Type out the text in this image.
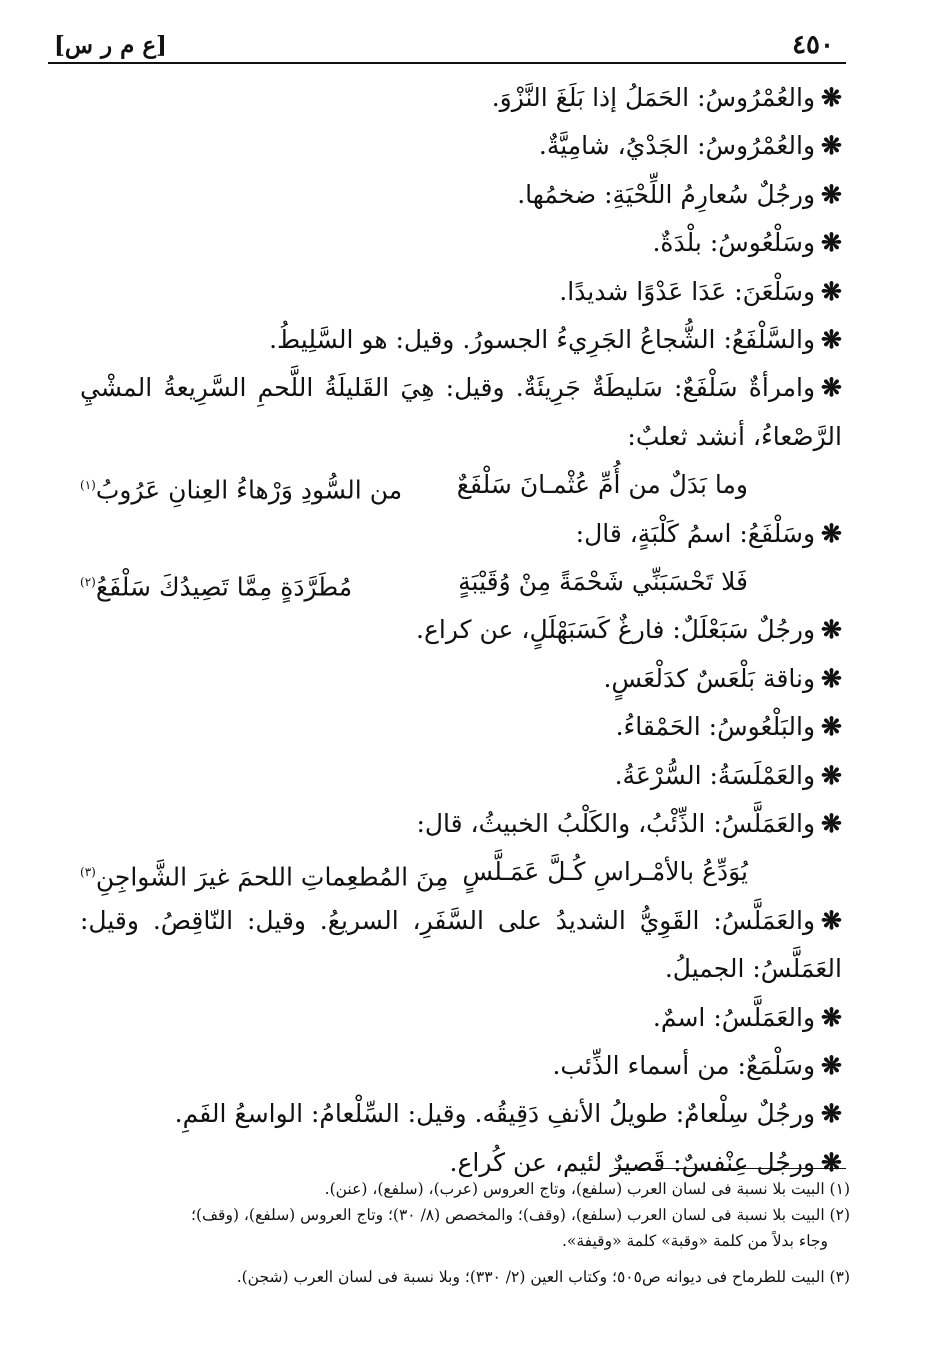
٤٥٠
[ع م ر س]

❋والعُمْرُوسُ: الحَمَلُ إذا بَلَغَ النَّزْوَ.

❋والعُمْرُوسُ: الجَدْيُ، شامِيَّةٌ.

❋ورجُلٌ سُعارِمُ اللِّحْيَةِ: ضخمُها.

❋وسَلْعُوسُ: بلْدَةٌ.

❋وسَلْعَنَ: عَدَا عَدْوًا شديدًا.

❋والسَّلْفَعُ: الشُّجاعُ الجَرِيءُ الجسورُ. وقيل: هو السَّلِيطُ.

❋وامرأةٌ سَلْفَعٌ: سَليطَةٌ جَرِيئَةٌ. وقيل: هِيَ القَليلَةُ اللَّحمِ السَّرِيعةُ المشْيِ الرَّصْعاءُ، أنشد ثعلبٌ:

وما بَدَلٌ من أُمِّ عُثْمـانَ سَلْفَعٌ
من السُّودِ وَرْهاءُ العِنانِ عَرُوبُ$^{(١)}$

❋وسَلْفَعُ: اسمُ كَلْبَةٍ، قال:

فَلا تَحْسَبَنِّي شَحْمَةً مِنْ وُقَيْبَةٍ
مُطَرَّدَةٍ مِمَّا تَصِيدُكَ سَلْفَعُ$^{(٢)}$

❋ورجُلٌ سَبَعْلَلٌ: فارغٌ كَسَبَهْلَلٍ، عن كراع.

❋وناقة بَلْعَسٌ كدَلْعَسٍ.

❋والبَلْعُوسُ: الحَمْقاءُ.

❋والعَمْلَسَةُ: السُّرْعَةُ.

❋والعَمَلَّسُ: الذِّئْبُ، والكَلْبُ الخبيثُ، قال:

يُوَدِّعُ بالأمْـراسِ كُـلَّ عَمَـلَّسٍ
مِنَ المُطعِماتِ اللحمَ غيرَ الشَّواجِنِ$^{(٣)}$

❋والعَمَلَّسُ: القَوِيُّ الشديدُ على السَّفَرِ، السريعُ. وقيل: النّاقِصُ. وقيل: العَمَلَّسُ: الجميلُ.

❋والعَمَلَّسُ: اسمٌ.

❋وسَلْمَعٌ: من أسماء الذِّئب.

❋ورجُلٌ سِلْعامٌ: طويلُ الأنفِ دَقِيقُه. وقيل: السِّلْعامُ: الواسعُ الفَمِ.

❋ورجُل عِنْفسٌ: قَصيرٌ لئيم، عن كُراع.

(١) البيت بلا نسبة فى لسان العرب (سلفع)، وتاج العروس (عرب)، (سلفع)، (عنن).

(٢) البيت بلا نسبة فى لسان العرب (سلفع)، (وقف)؛ والمخصص (٨/ ٣٠)؛ وتاج العروس (سلفع)، (وقف)؛

وجاء بدلاً من كلمة «وقبة» كلمة «وقيفة».

(٣) البيت للطرماح فى ديوانه ص٥٠٥؛ وكتاب العين (٢/ ٣٣٠)؛ وبلا نسبة فى لسان العرب (شجن).
